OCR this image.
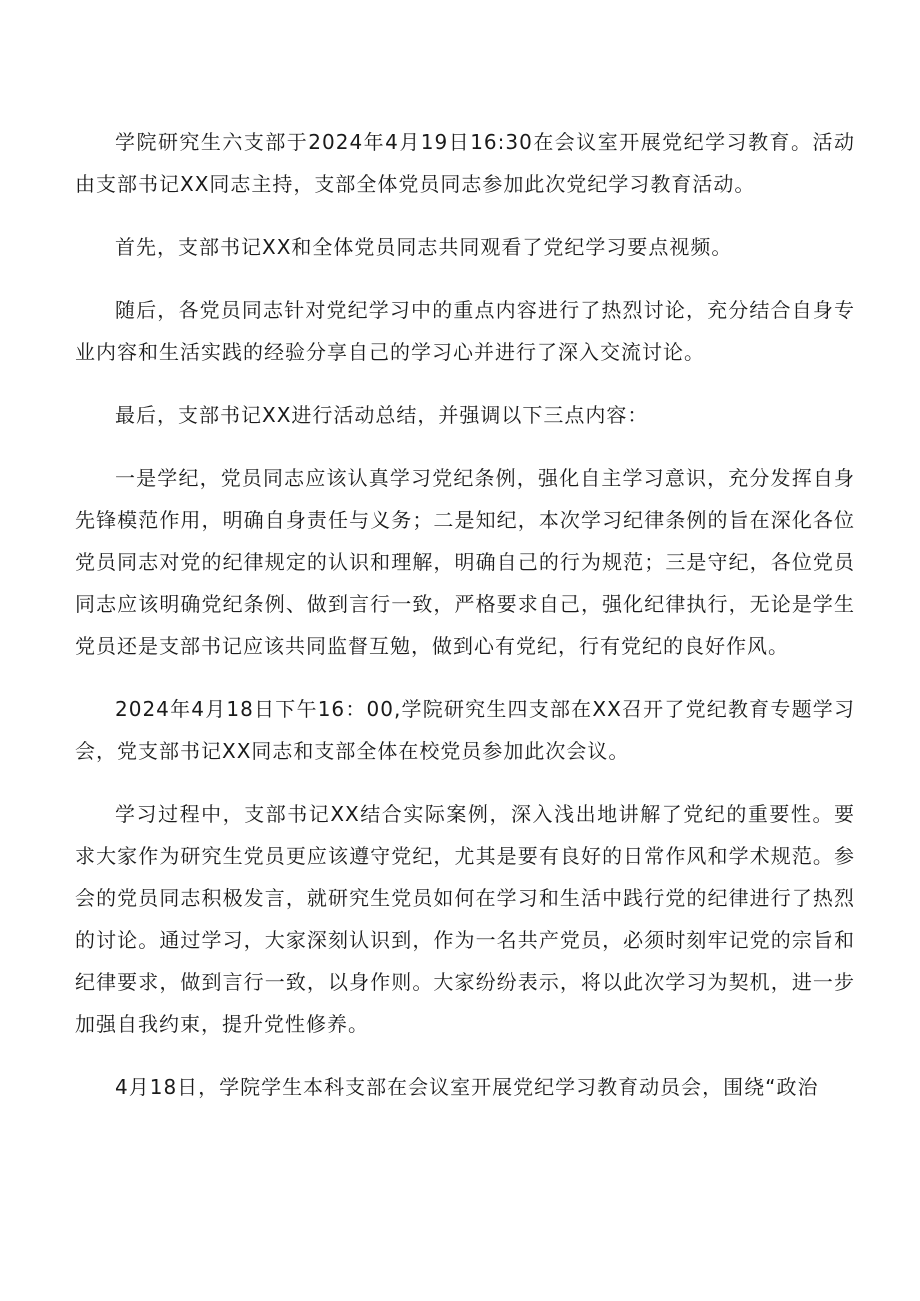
学院研究生六支部于2024年4月19日16:30在会议室开展党纪学习教育。活动由支部书记XX同志主持，支部全体党员同志参加此次党纪学习教育活动。

首先，支部书记XX和全体党员同志共同观看了党纪学习要点视频。

随后，各党员同志针对党纪学习中的重点内容进行了热烈讨论，充分结合自身专业内容和生活实践的经验分享自己的学习心并进行了深入交流讨论。

最后，支部书记XX进行活动总结，并强调以下三点内容：

一是学纪，党员同志应该认真学习党纪条例，强化自主学习意识，充分发挥自身先锋模范作用，明确自身责任与义务；二是知纪，本次学习纪律条例的旨在深化各位党员同志对党的纪律规定的认识和理解，明确自己的行为规范；三是守纪，各位党员同志应该明确党纪条例、做到言行一致，严格要求自己，强化纪律执行，无论是学生党员还是支部书记应该共同监督互勉，做到心有党纪，行有党纪的良好作风。

2024年4月18日下午16：00,学院研究生四支部在XX召开了党纪教育专题学习会，党支部书记XX同志和支部全体在校党员参加此次会议。

学习过程中，支部书记XX结合实际案例，深入浅出地讲解了党纪的重要性。要求大家作为研究生党员更应该遵守党纪，尤其是要有良好的日常作风和学术规范。参会的党员同志积极发言，就研究生党员如何在学习和生活中践行党的纪律进行了热烈的讨论。通过学习，大家深刻认识到，作为一名共产党员，必须时刻牢记党的宗旨和纪律要求，做到言行一致，以身作则。大家纷纷表示，将以此次学习为契机，进一步加强自我约束，提升党性修养。

4月18日，学院学生本科支部在会议室开展党纪学习教育动员会，围绕“政治
